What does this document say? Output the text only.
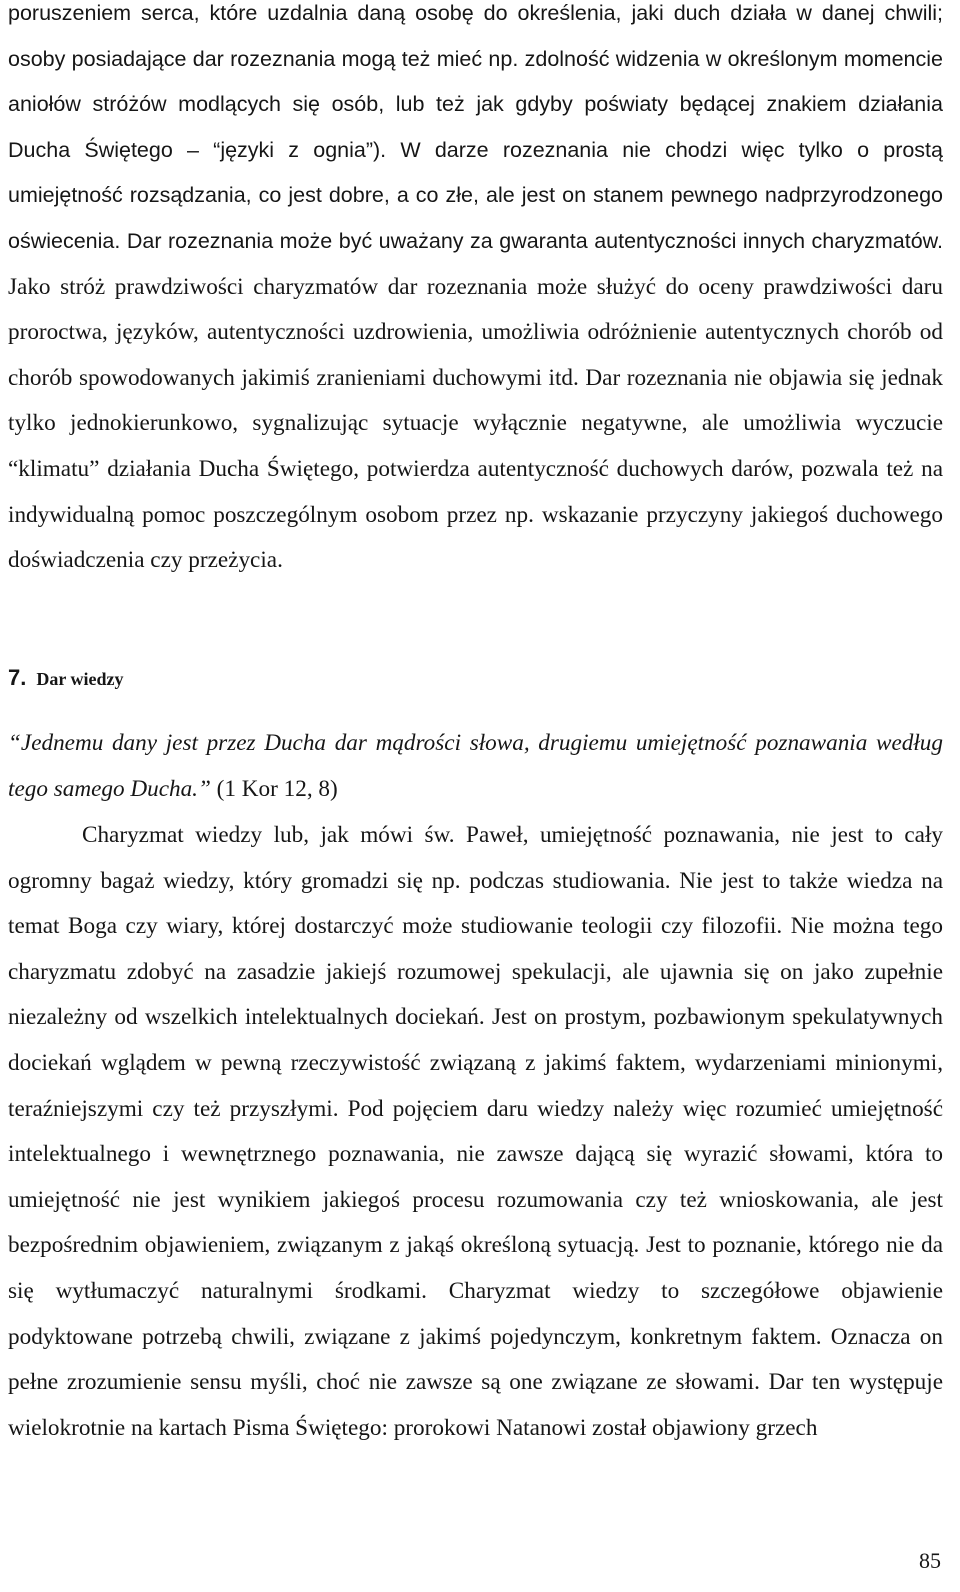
poruszeniem serca, które uzdalnia daną osobę do określenia, jaki duch działa w danej chwili; osoby posiadające dar rozeznania mogą też mieć np. zdolność widzenia w określonym momencie aniołów stróżów modlących się osób, lub też jak gdyby poświaty będącej znakiem działania Ducha Świętego – “języki z ognia”). W darze rozeznania nie chodzi więc tylko o prostą umiejętność rozsądzania, co jest dobre, a co złe, ale jest on stanem pewnego nadprzyrodzonego oświecenia. Dar rozeznania może być uważany za gwaranta autentyczności innych charyzmatów. Jako stróż prawdziwości charyzmatów dar rozeznania może służyć do oceny prawdziwości daru proroctwa, języków, autentyczności uzdrowienia, umożliwia odróżnienie autentycznych chorób od chorób spowodowanych jakimiś zranieniami duchowymi itd. Dar rozeznania nie objawia się jednak tylko jednokierunkowo, sygnalizując sytuacje wyłącznie negatywne, ale umożliwia wyczucie “klimatu” działania Ducha Świętego, potwierdza autentyczność duchowych darów, pozwala też na indywidualną pomoc poszczególnym osobom przez np. wskazanie przyczyny jakiegoś duchowego doświadczenia czy przeżycia.

7. Dar wiedzy

“Jednemu dany jest przez Ducha dar mądrości słowa, drugiemu umiejętność poznawania według tego samego Ducha.” (1 Kor 12, 8)

Charyzmat wiedzy lub, jak mówi św. Paweł, umiejętność poznawania, nie jest to cały ogromny bagaż wiedzy, który gromadzi się np. podczas studiowania. Nie jest to także wiedza na temat Boga czy wiary, której dostarczyć może studiowanie teologii czy filozofii. Nie można tego charyzmatu zdobyć na zasadzie jakiejś rozumowej spekulacji, ale ujawnia się on jako zupełnie niezależny od wszelkich intelektualnych dociekań. Jest on prostym, pozbawionym spekulatywnych dociekań wglądem w pewną rzeczywistość związaną z jakimś faktem, wydarzeniami minionymi, teraźniejszymi czy też przyszłymi. Pod pojęciem daru wiedzy należy więc rozumieć umiejętność intelektualnego i wewnętrznego poznawania, nie zawsze dającą się wyrazić słowami, która to umiejętność nie jest wynikiem jakiegoś procesu rozumowania czy też wnioskowania, ale jest bezpośrednim objawieniem, związanym z jakąś określoną sytuacją. Jest to poznanie, którego nie da się wytłumaczyć naturalnymi środkami. Charyzmat wiedzy to szczegółowe objawienie podyktowane potrzebą chwili, związane z jakimś pojedynczym, konkretnym faktem. Oznacza on pełne zrozumienie sensu myśli, choć nie zawsze są one związane ze słowami. Dar ten występuje wielokrotnie na kartach Pisma Świętego: prorokowi Natanowi został objawiony grzech

85
